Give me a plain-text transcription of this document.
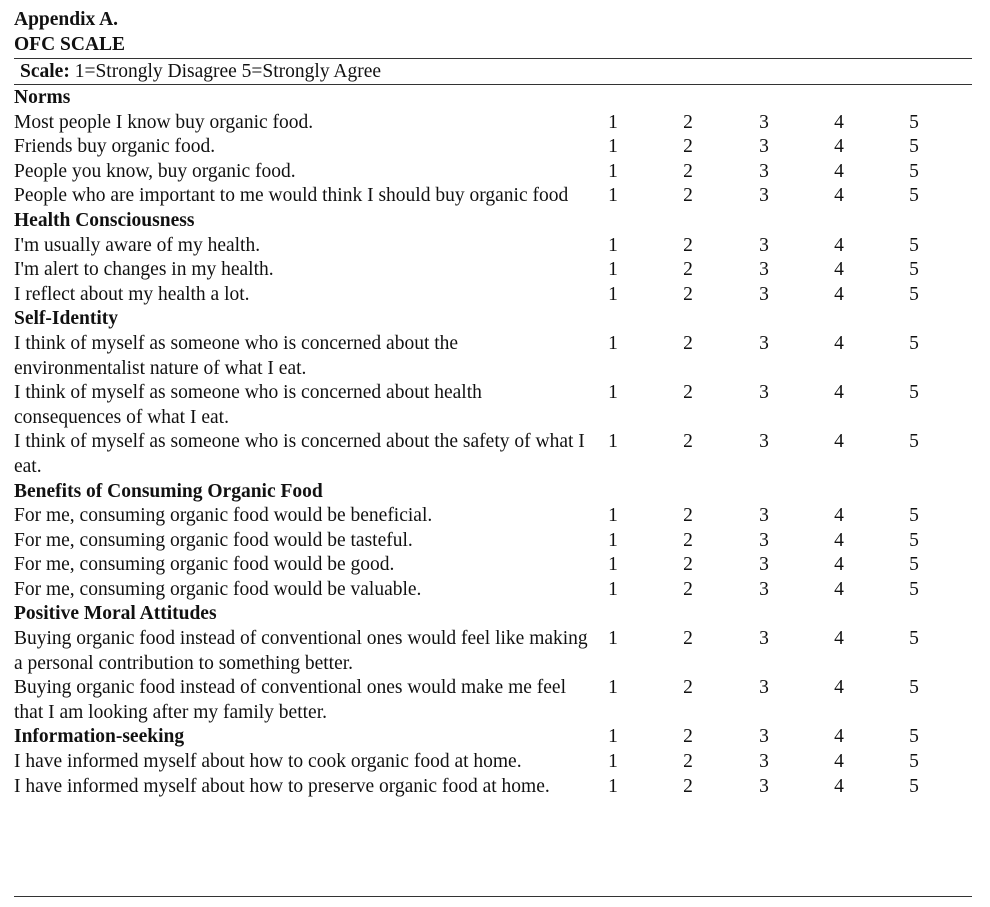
Appendix A.
OFC SCALE
Scale: 1=Strongly Disagree 5=Strongly Agree
Norms
Most people I know buy organic food.	1	2	3	4	5
Friends buy organic food.	1	2	3	4	5
People you know, buy organic food.	1	2	3	4	5
People who are important to me would think I should buy organic food	1	2	3	4	5
Health Consciousness
I'm usually aware of my health.	1	2	3	4	5
I'm alert to changes in my health.	1	2	3	4	5
I reflect about my health a lot.	1	2	3	4	5
Self-Identity
I think of myself as someone who is concerned about the environmentalist nature of what I eat.
1	2	3	4	5
I think of myself as someone who is concerned about health consequences of what I eat.
1	2	3	4	5
I think of myself as someone who is concerned about the safety of what I eat.
1	2	3	4	5
Benefits of Consuming Organic Food
For me, consuming organic food would be beneficial.	1	2	3	4	5
For me, consuming organic food would be tasteful.	1	2	3	4	5
For me, consuming organic food would be good.	1	2	3	4	5
For me, consuming organic food would be valuable.	1	2	3	4	5
Positive Moral Attitudes
Buying organic food instead of conventional ones would feel like making a personal contribution to something better.
1	2	3	4	5
Buying organic food instead of conventional ones would make me feel that I am looking after my family better.
1	2	3	4	5
Information-seeking	1	2	3	4	5
I have informed myself about how to cook organic food at home.	1	2	3	4	5
I have informed myself about how to preserve organic food at home.	1	2	3	4	5
